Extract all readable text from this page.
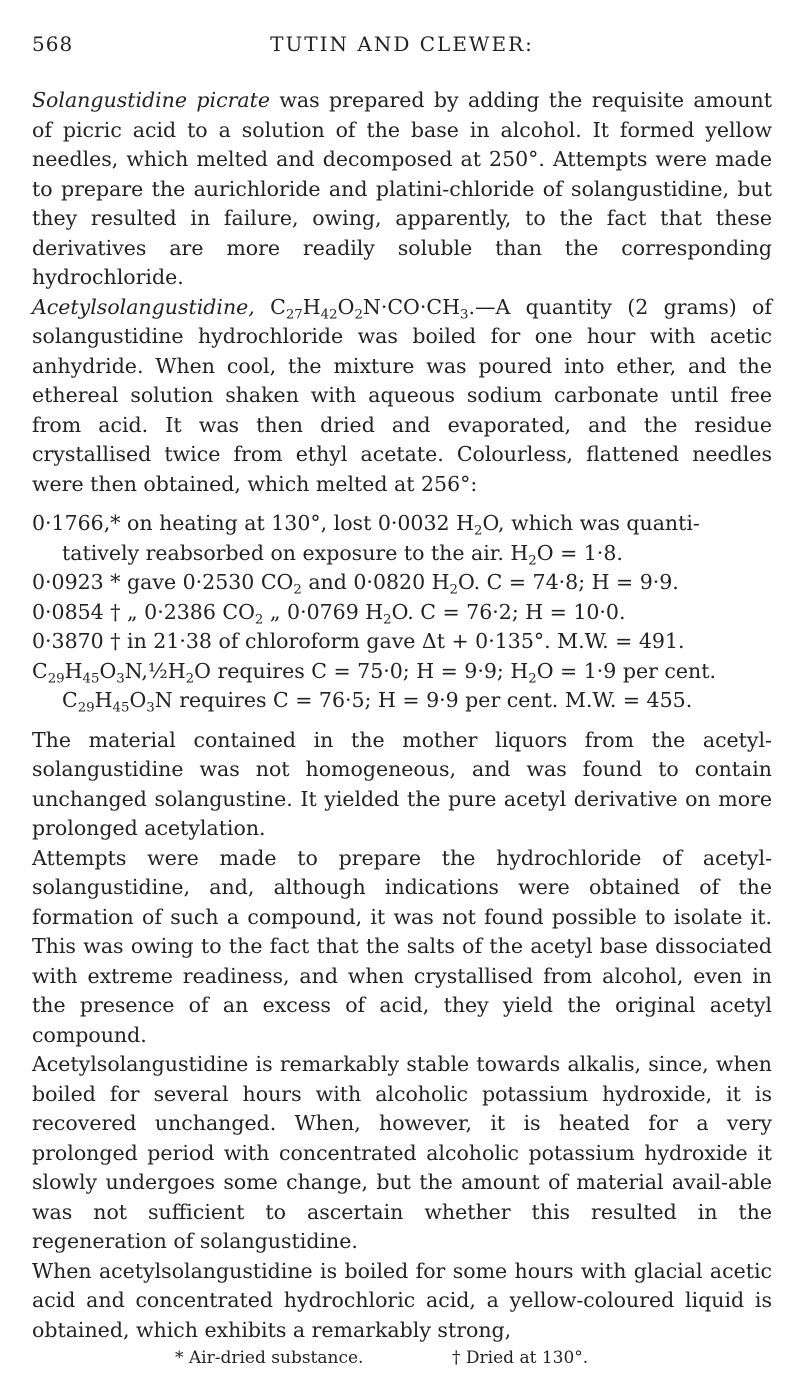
568	TUTIN AND CLEWER:

Solangustidine picrate was prepared by adding the requisite amount of picric acid to a solution of the base in alcohol. It formed yellow needles, which melted and decomposed at 250°. Attempts were made to prepare the aurichloride and platini-chloride of solangustidine, but they resulted in failure, owing, apparently, to the fact that these derivatives are more readily soluble than the corresponding hydrochloride.

Acetylsolangustidine, $C_{27}H_{42}O_2N\cdot CO\cdot CH_3.—A$ quantity (2 grams) of solangustidine hydrochloride was boiled for one hour with acetic anhydride. When cool, the mixture was poured into ether, and the ethereal solution shaken with aqueous sodium carbonate until free from acid. It was then dried and evaporated, and the residue crystallised twice from ethyl acetate. Colourless, flattened needles were then obtained, which melted at 256°:

0·1766,* on heating at 130°, lost 0·0032 $H_2O$, which was quanti-
tatively reabsorbed on exposure to the air. $H_2O = 1\cdot 8$.
0·0923 * gave 0·2530 $CO_2$ and 0·0820 $H_2O$. C = 74·8; H = 9·9.
0·0854 † „ 0·2386 $CO_2$ „ 0·0769 $H_2O$. C = 76·2; H = 10·0.
0·3870 † in 21·38 of chloroform gave Δt + 0·135°. M.W. = 491.
$C_{29}H_{45}O_3N,\frac{1}{2}H_2O$ requires C = 75·0; H = 9·9; $H_2O = 1\cdot 9$ per cent.
$C_{29}H_{45}O_3N$ requires C = 76·5; H = 9·9 per cent. M.W. = 455.

The material contained in the mother liquors from the acetyl-solangustidine was not homogeneous, and was found to contain unchanged solangustine. It yielded the pure acetyl derivative on more prolonged acetylation.

Attempts were made to prepare the hydrochloride of acetyl-solangustidine, and, although indications were obtained of the formation of such a compound, it was not found possible to isolate it. This was owing to the fact that the salts of the acetyl base dissociated with extreme readiness, and when crystallised from alcohol, even in the presence of an excess of acid, they yield the original acetyl compound.

Acetylsolangustidine is remarkably stable towards alkalis, since, when boiled for several hours with alcoholic potassium hydroxide, it is recovered unchanged. When, however, it is heated for a very prolonged period with concentrated alcoholic potassium hydroxide it slowly undergoes some change, but the amount of material avail-able was not sufficient to ascertain whether this resulted in the regeneration of solangustidine.

When acetylsolangustidine is boiled for some hours with glacial acetic acid and concentrated hydrochloric acid, a yellow-coloured liquid is obtained, which exhibits a remarkably strong,

* Air-dried substance.	† Dried at 130°.
